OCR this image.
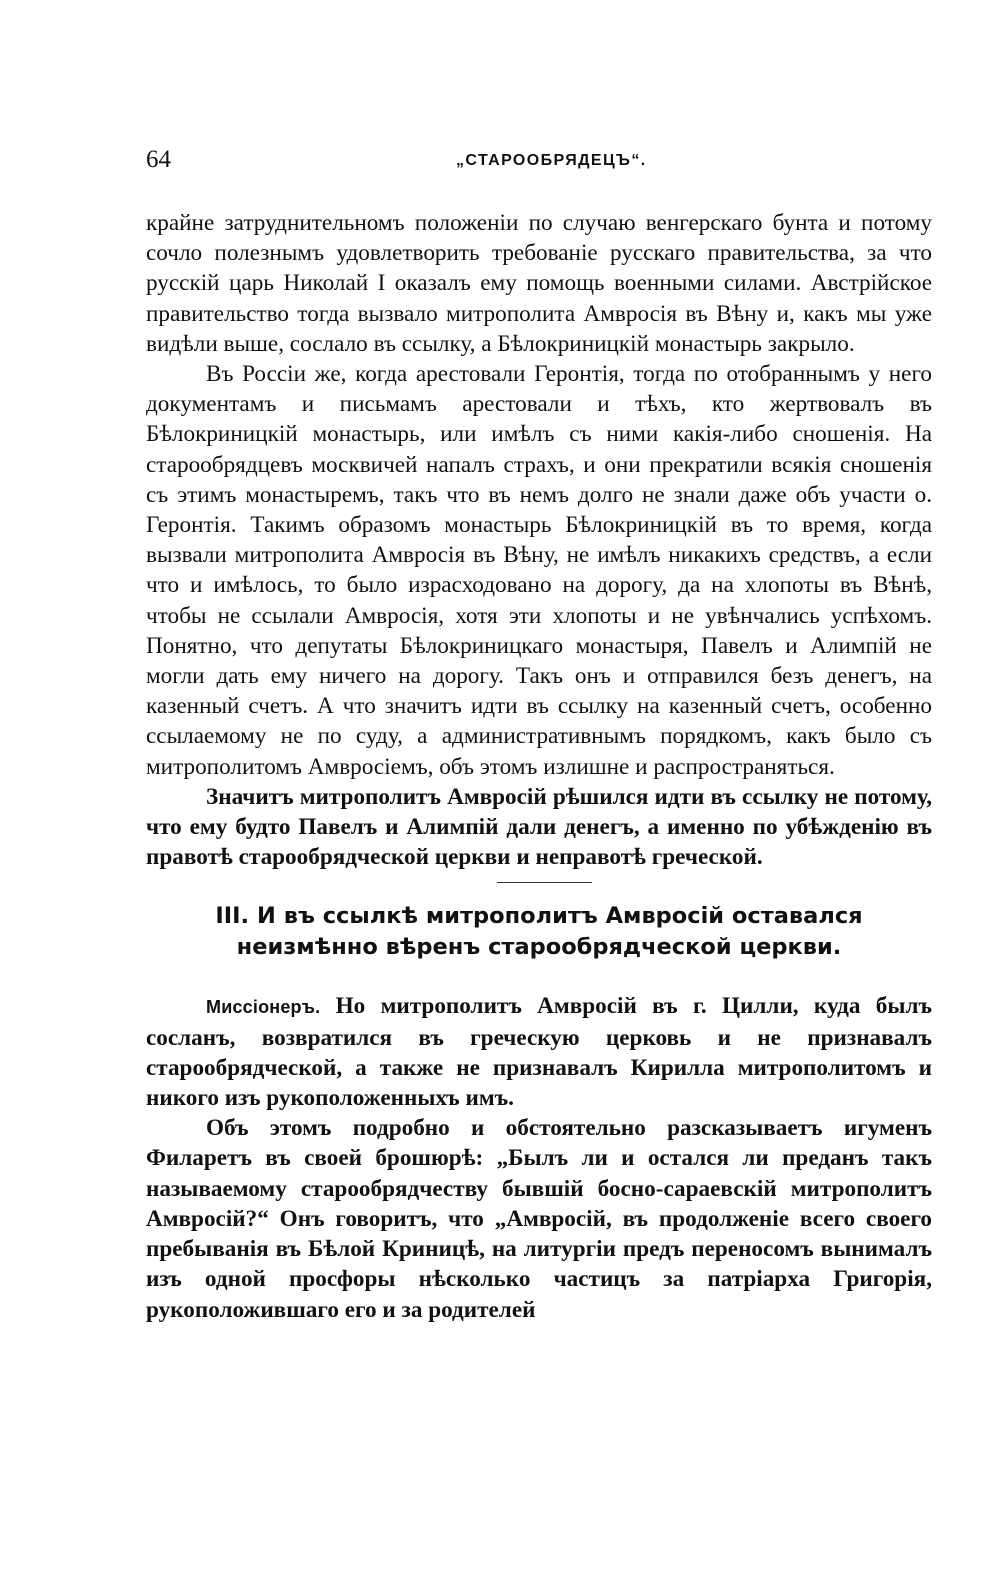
64	„СТАРООБРЯДЕЦЪ“.

крайне затруднительномъ положенiи по случаю венгерскаго бунта и потому сочло полезнымъ удовлетворить требованiе русскаго правительства, за что русскiй царь Николай I оказалъ ему помощь военными силами. Австрiйское правительство тогда вызвало митрополита Амвросiя въ Вѣну и, какъ мы уже видѣли выше, сослало въ ссылку, а Бѣлокриницкiй монастырь закрыло.

Въ Россiи же, когда арестовали Геронтiя, тогда по отобраннымъ у него документамъ и письмамъ арестовали и тѣхъ, кто жертвовалъ въ Бѣлокриницкiй монастырь, или имѣлъ съ ними какiя-либо сношенiя. На старообрядцевъ москвичей напалъ страхъ, и они прекратили всякiя сношенiя съ этимъ монастыремъ, такъ что въ немъ долго не знали даже объ участи о. Геронтiя. Такимъ образомъ монастырь Бѣлокриницкiй въ то время, когда вызвали митрополита Амвросiя въ Вѣну, не имѣлъ никакихъ средствъ, а если что и имѣлось, то было израсходовано на дорогу, да на хлопоты въ Вѣнѣ, чтобы не ссылали Амвросiя, хотя эти хлопоты и не увѣнчались успѣхомъ. Понятно, что депутаты Бѣлокриницкаго монастыря, Павелъ и Алимпiй не могли дать ему ничего на дорогу. Такъ онъ и отправился безъ денегъ, на казенный счетъ. А что значитъ идти въ ссылку на казенный счетъ, особенно ссылаемому не по суду, а административнымъ порядкомъ, какъ было съ митрополитомъ Амвросiемъ, объ этомъ излишне и распространяться.

Значитъ митрополитъ Амвросiй рѣшился идти въ ссылку не потому, что ему будто Павелъ и Алимпiй дали денегъ, а именно по убѣжденiю въ правотѣ старообрядческой церкви и неправотѣ греческой.

III. И въ ссылкѣ митрополитъ Амвросiй оставался неизмѣнно вѣренъ старообрядческой церкви.

Миссiонеръ. Но митрополитъ Амвросiй въ г. Цилли, куда былъ сосланъ, возвратился въ греческую церковь и не признавалъ старообрядческой, а также не признавалъ Кирилла митрополитомъ и никого изъ рукоположенныхъ имъ.

Объ этомъ подробно и обстоятельно разсказываетъ игуменъ Филаретъ въ своей брошюрѣ: „Былъ ли и остался ли преданъ такъ называемому старообрядчеству бывшiй босно-сараевскiй митрополитъ Амвросiй?“ Онъ говоритъ, что „Амвросiй, въ продолженiе всего своего пребыванiя въ Бѣлой Криницѣ, на литургiи предъ переносомъ вынималъ изъ одной просфоры нѣсколько частицъ за патрiарха Григорiя, рукоположившаго его и за родителей
